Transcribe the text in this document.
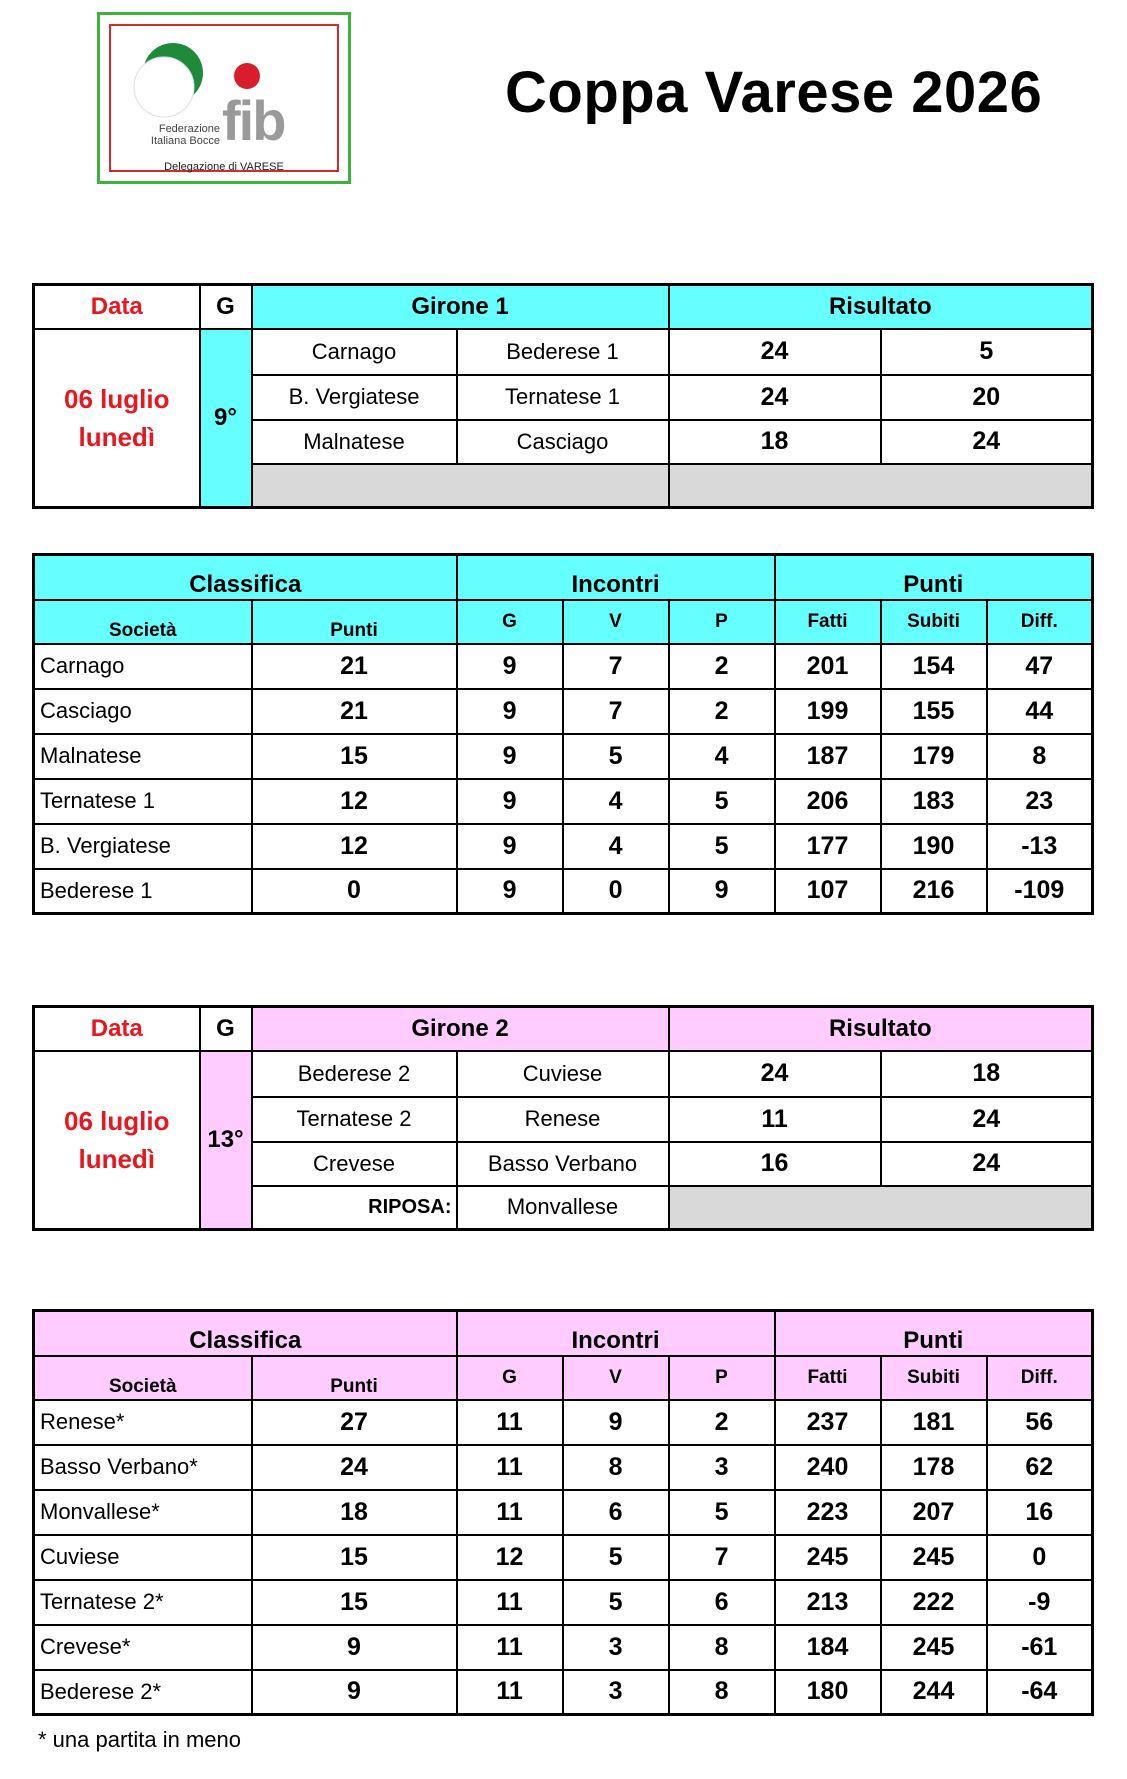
Federazione Italiana Bocce fib
Delegazione di VARESE
Coppa Varese 2026
Data	G	Girone 1		Risultato	
06 luglio lunedì	9°	Carnago	Bederese 1	24	5
		B. Vergiatese	Ternatese 1	24	20
		Malnatese	Casciago	18	24

Classifica		Incontri			Punti		
Società	Punti	G	V	P	Fatti	Subiti	Diff.
Carnago	21	9	7	2	201	154	47
Casciago	21	9	7	2	199	155	44
Malnatese	15	9	5	4	187	179	8
Ternatese 1	12	9	4	5	206	183	23
B. Vergiatese	12	9	4	5	177	190	-13
Bederese 1	0	9	0	9	107	216	-109
Data	G	Girone 2		Risultato	
06 luglio lunedì	13°	Bederese 2	Cuviese	24	18
		Ternatese 2	Renese	11	24
		Crevese	Basso Verbano	16	24
		RIPOSA:	Monvallese		
Classifica		Incontri			Punti		
Società	Punti	G	V	P	Fatti	Subiti	Diff.
Renese*	27	11	9	2	237	181	56
Basso Verbano*	24	11	8	3	240	178	62
Monvallese*	18	11	6	5	223	207	16
Cuviese	15	12	5	7	245	245	0
Ternatese 2*	15	11	5	6	213	222	-9
Crevese*	9	11	3	8	184	245	-61
Bederese 2*	9	11	3	8	180	244	-64
* una partita in meno
